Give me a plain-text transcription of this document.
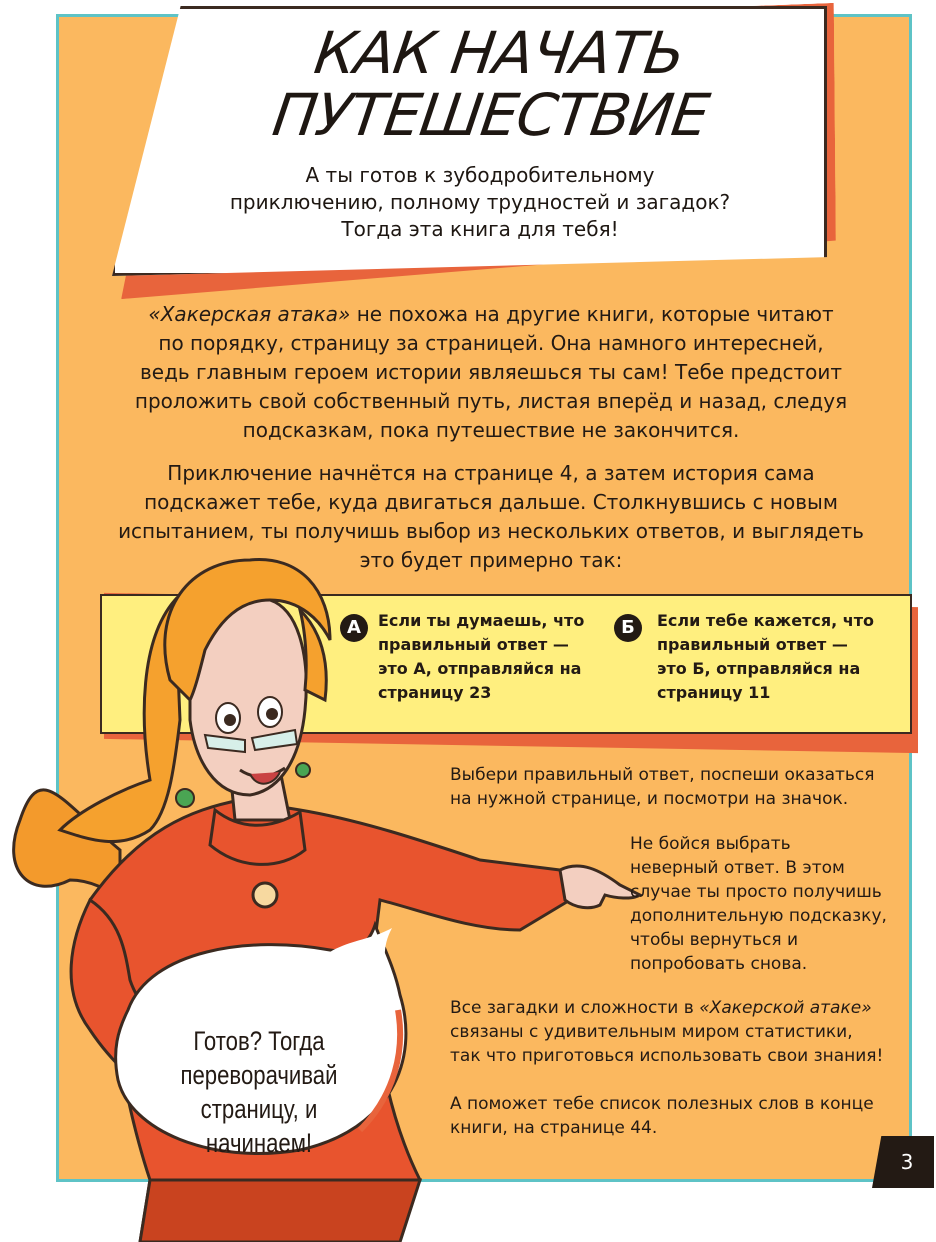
КАК НАЧАТЬ
ПУТЕШЕСТВИЕ
А ты готов к зубодробительному
приключению, полному трудностей и загадок?
Тогда эта книга для тебя!
«Хакерская атака» не похожа на другие книги, которые читают
по порядку, страницу за страницей. Она намного интересней,
ведь главным героем истории являешься ты сам! Тебе предстоит
проложить свой собственный путь, листая вперёд и назад, следуя
подсказкам, пока путешествие не закончится.
Приключение начнётся на странице 4, а затем история сама
подскажет тебе, куда двигаться дальше. Столкнувшись с новым
испытанием, ты получишь выбор из нескольких ответов, и выглядеть
это будет примерно так:
Готов? Тогда
переворачивай
страницу, и начинаем!
А	Если ты думаешь, что
правильный ответ —
это А, отправляйся на
страницу 23
Б	Если тебе кажется, что
правильный ответ —
это Б, отправляйся на
страницу 11
Выбери правильный ответ, поспеши оказаться
на нужной странице, и посмотри на значок.
Не бойся выбрать
неверный ответ. В этом
случае ты просто получишь
дополнительную подсказку,
чтобы вернуться и
попробовать снова.
Все загадки и сложности в «Хакерской атаке»
связаны с удивительным миром статистики,
так что приготовься использовать свои знания!
А поможет тебе список полезных слов в конце
книги, на странице 44.
3
